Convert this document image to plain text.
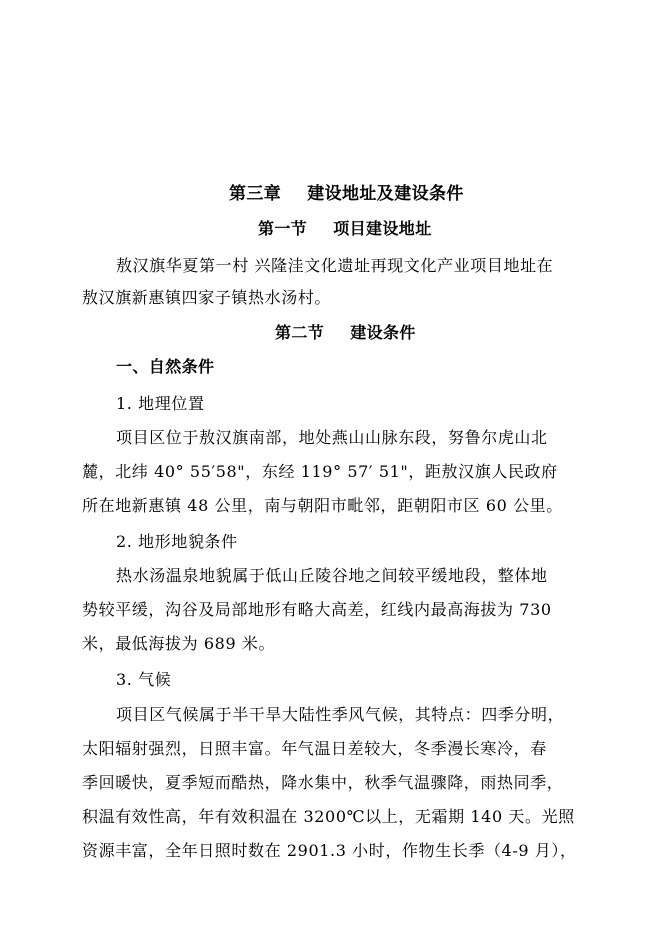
第三章 建设地址及建设条件
第一节 项目建设地址
敖汉旗华夏第一村 兴隆洼文化遗址再现文化产业项目地址在
敖汉旗新惠镇四家子镇热水汤村。
第二节 建设条件
一、自然条件
1. 地理位置
项目区位于敖汉旗南部，地处燕山山脉东段，努鲁尔虎山北
麓，北纬 40° 55′58"，东经 119° 57′ 51"，距敖汉旗人民政府
所在地新惠镇 48 公里，南与朝阳市毗邻，距朝阳市区 60 公里。
2. 地形地貌条件
热水汤温泉地貌属于低山丘陵谷地之间较平缓地段，整体地
势较平缓，沟谷及局部地形有略大高差，红线内最高海拔为 730
米，最低海拔为 689 米。
3. 气候
项目区气候属于半干旱大陆性季风气候，其特点：四季分明，
太阳辐射强烈，日照丰富。年气温日差较大，冬季漫长寒冷，春
季回暖快，夏季短而酷热，降水集中，秋季气温骤降，雨热同季，
积温有效性高，年有效积温在 3200℃以上，无霜期 140 天。光照
资源丰富，全年日照时数在 2901.3 小时，作物生长季（4-9 月），
